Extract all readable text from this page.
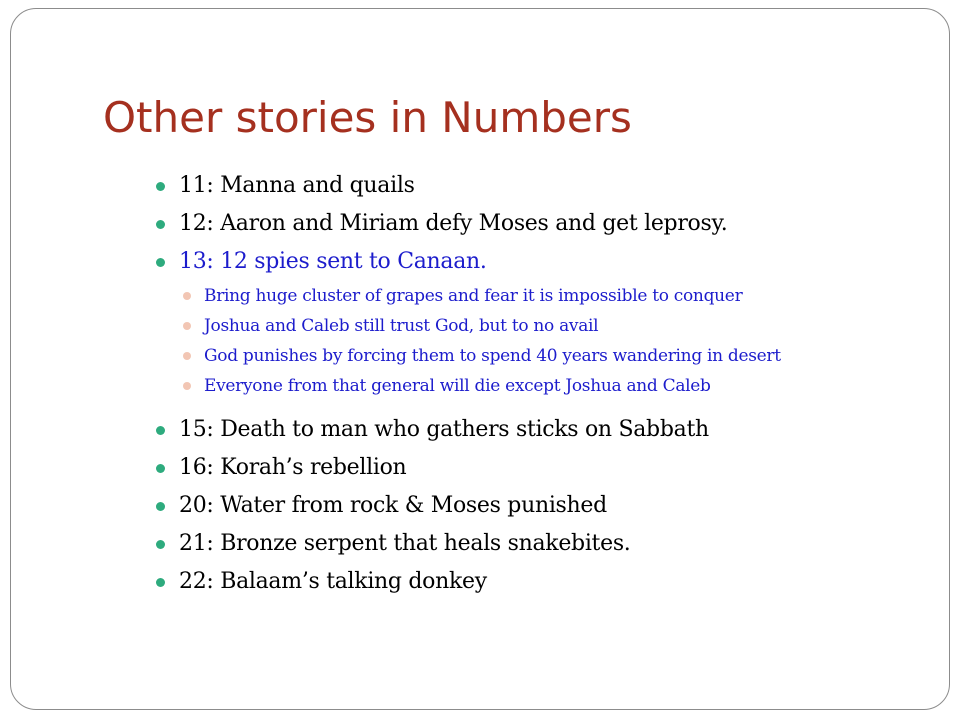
Other stories in Numbers
11: Manna and quails
12: Aaron and Miriam defy Moses and get leprosy.
13: 12 spies sent to Canaan.
Bring huge cluster of grapes and fear it is impossible to conquer
Joshua and Caleb still trust God, but to no avail
God punishes by forcing them to spend 40 years wandering in desert
Everyone from that general will die except Joshua and Caleb
15: Death to man who gathers sticks on Sabbath
16: Korah’s rebellion
20: Water from rock & Moses punished
21: Bronze serpent that heals snakebites.
22: Balaam’s talking donkey
